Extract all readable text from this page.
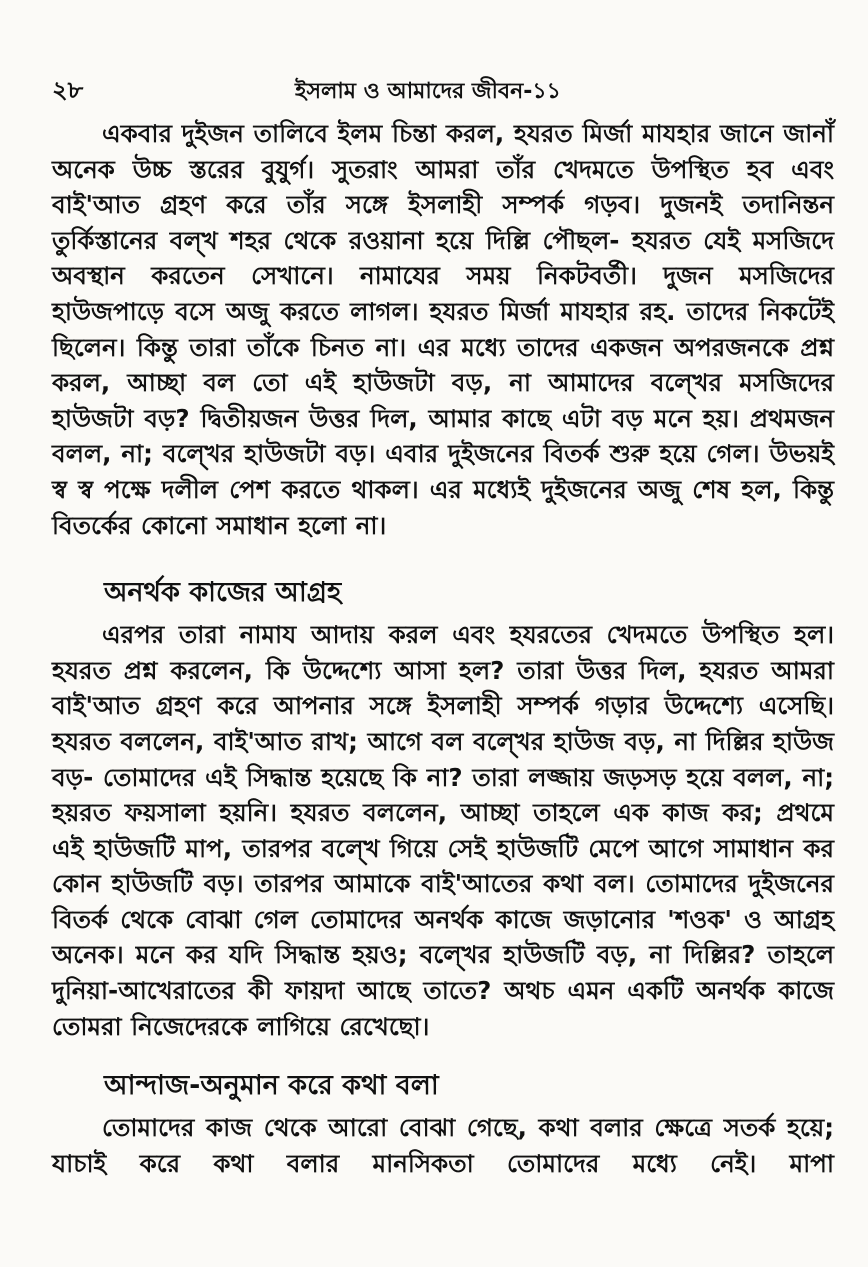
২৮	ইসলাম ও আমাদের জীবন-১১

একবার দুইজন তালিবে ইলম চিন্তা করল, হযরত মির্জা মাযহার জানে জানাঁ অনেক উচ্চ স্তরের বুযুর্গ। সুতরাং আমরা তাঁর খেদমতে উপস্থিত হব এবং বাই'আত গ্রহণ করে তাঁর সঙ্গে ইসলাহী সম্পর্ক গড়ব। দুজনই তদানিন্তন তুর্কিস্তানের বল্খ শহর থেকে রওয়ানা হয়ে দিল্লি পৌছল- হযরত যেই মসজিদে অবস্থান করতেন সেখানে। নামাযের সময় নিকটবর্তী। দুজন মসজিদের হাউজপাড়ে বসে অজু করতে লাগল। হযরত মির্জা মাযহার রহ. তাদের নিকটেই ছিলেন। কিন্তু তারা তাঁকে চিনত না। এর মধ্যে তাদের একজন অপরজনকে প্রশ্ন করল, আচ্ছা বল তো এই হাউজটা বড়, না আমাদের বল্খের মসজিদের হাউজটা বড়? দ্বিতীয়জন উত্তর দিল, আমার কাছে এটা বড় মনে হয়। প্রথমজন বলল, না; বল্খের হাউজটা বড়। এবার দুইজনের বিতর্ক শুরু হয়ে গেল। উভয়ই স্ব স্ব পক্ষে দলীল পেশ করতে থাকল। এর মধ্যেই দুইজনের অজু শেষ হল, কিন্তু বিতর্কের কোনো সমাধান হলো না।

অনর্থক কাজের আগ্রহ

এরপর তারা নামায আদায় করল এবং হযরতের খেদমতে উপস্থিত হল। হযরত প্রশ্ন করলেন, কি উদ্দেশ্যে আসা হল? তারা উত্তর দিল, হযরত আমরা বাই'আত গ্রহণ করে আপনার সঙ্গে ইসলাহী সম্পর্ক গড়ার উদ্দেশ্যে এসেছি। হযরত বললেন, বাই'আত রাখ; আগে বল বল্খের হাউজ বড়, না দিল্লির হাউজ বড়- তোমাদের এই সিদ্ধান্ত হয়েছে কি না? তারা লজ্জায় জড়সড় হয়ে বলল, না; হয়রত ফয়সালা হয়নি। হযরত বললেন, আচ্ছা তাহলে এক কাজ কর; প্রথমে এই হাউজটি মাপ, তারপর বল্খে গিয়ে সেই হাউজটি মেপে আগে সামাধান কর কোন হাউজটি বড়। তারপর আমাকে বাই'আতের কথা বল। তোমাদের দুইজনের বিতর্ক থেকে বোঝা গেল তোমাদের অনর্থক কাজে জড়ানোর 'শওক' ও আগ্রহ অনেক। মনে কর যদি সিদ্ধান্ত হয়ও; বল্খের হাউজটি বড়, না দিল্লির? তাহলে দুনিয়া-আখেরাতের কী ফায়দা আছে তাতে? অথচ এমন একটি অনর্থক কাজে তোমরা নিজেদেরকে লাগিয়ে রেখেছো।

আন্দাজ-অনুমান করে কথা বলা

তোমাদের কাজ থেকে আরো বোঝা গেছে, কথা বলার ক্ষেত্রে সতর্ক হয়ে; যাচাই করে কথা বলার মানসিকতা তোমাদের মধ্যে নেই। মাপা
